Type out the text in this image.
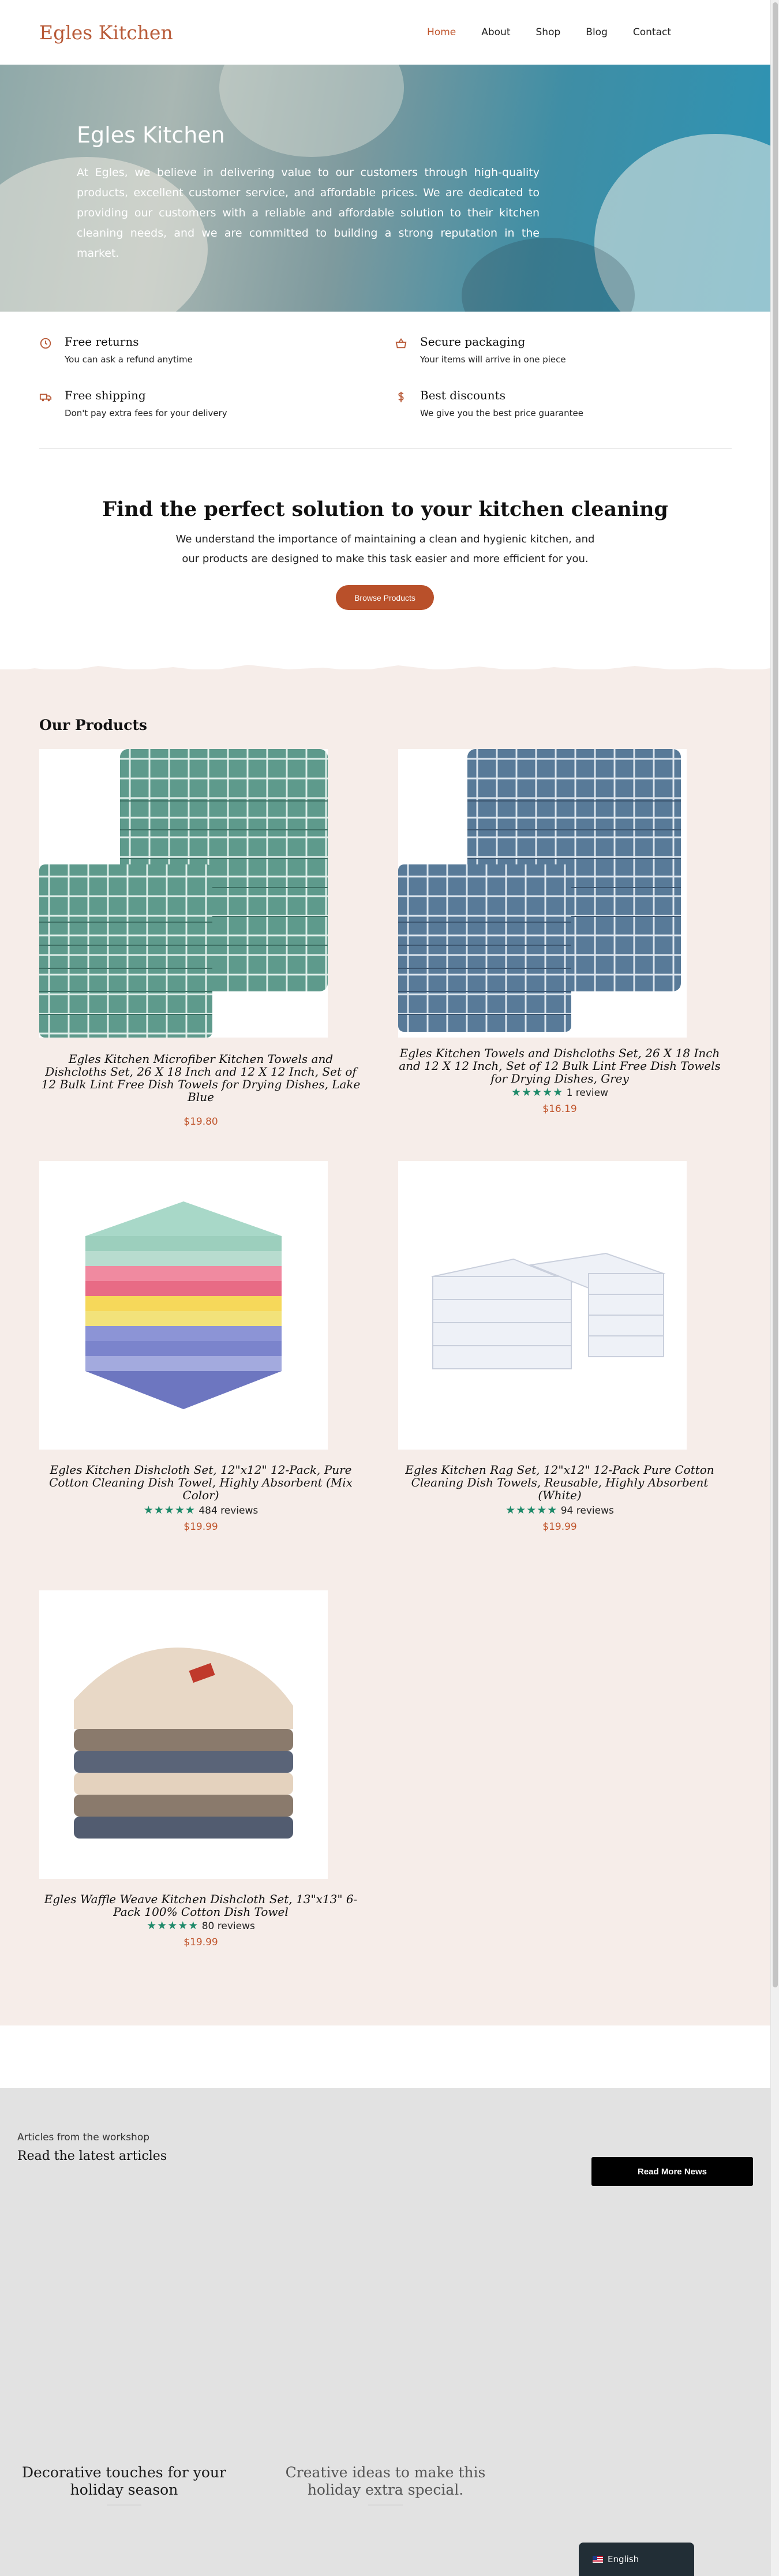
Egles Kitchen	Home	About	Shop	Blog	Contact
Egles Kitchen

At Egles, we believe in delivering value to our customers through high-quality products, excellent customer service, and affordable prices. We are dedicated to providing our customers with a reliable and affordable solution to their kitchen cleaning needs, and we are committed to building a strong reputation in the market.

Free returns
You can ask a refund anytime
Secure packaging
Your items will arrive in one piece
Free shipping
Don't pay extra fees for your delivery
Best discounts
We give you the best price guarantee
Find the perfect solution to your kitchen cleaning

We understand the importance of maintaining a clean and hygienic kitchen, and our products are designed to make this task easier and more efficient for you.

Browse Products
Our Products
Egles Kitchen Microfiber Kitchen Towels and Dishcloths Set, 26 X 18 Inch and 12 X 12 Inch, Set of 12 Bulk Lint Free Dish Towels for Drying Dishes, Lake Blue
$19.80
Egles Kitchen Towels and Dishcloths Set, 26 X 18 Inch and 12 X 12 Inch, Set of 12 Bulk Lint Free Dish Towels for Drying Dishes, Grey
★★★★★ 1 review
$16.19
Egles Kitchen Dishcloth Set, 12"x12" 12-Pack, Pure Cotton Cleaning Dish Towel, Highly Absorbent (Mix Color)
★★★★★ 484 reviews
$19.99
Egles Kitchen Rag Set, 12"x12" 12-Pack Pure Cotton Cleaning Dish Towels, Reusable, Highly Absorbent (White)
★★★★★ 94 reviews
$19.99
Egles Waffle Weave Kitchen Dishcloth Set, 13"x13" 6-Pack 100% Cotton Dish Towel
★★★★★ 80 reviews
$19.99
Articles from the workshop
Read the latest articles
Read More News
Decorative touches for your holiday season
Creative ideas to make this holiday extra special.
English
